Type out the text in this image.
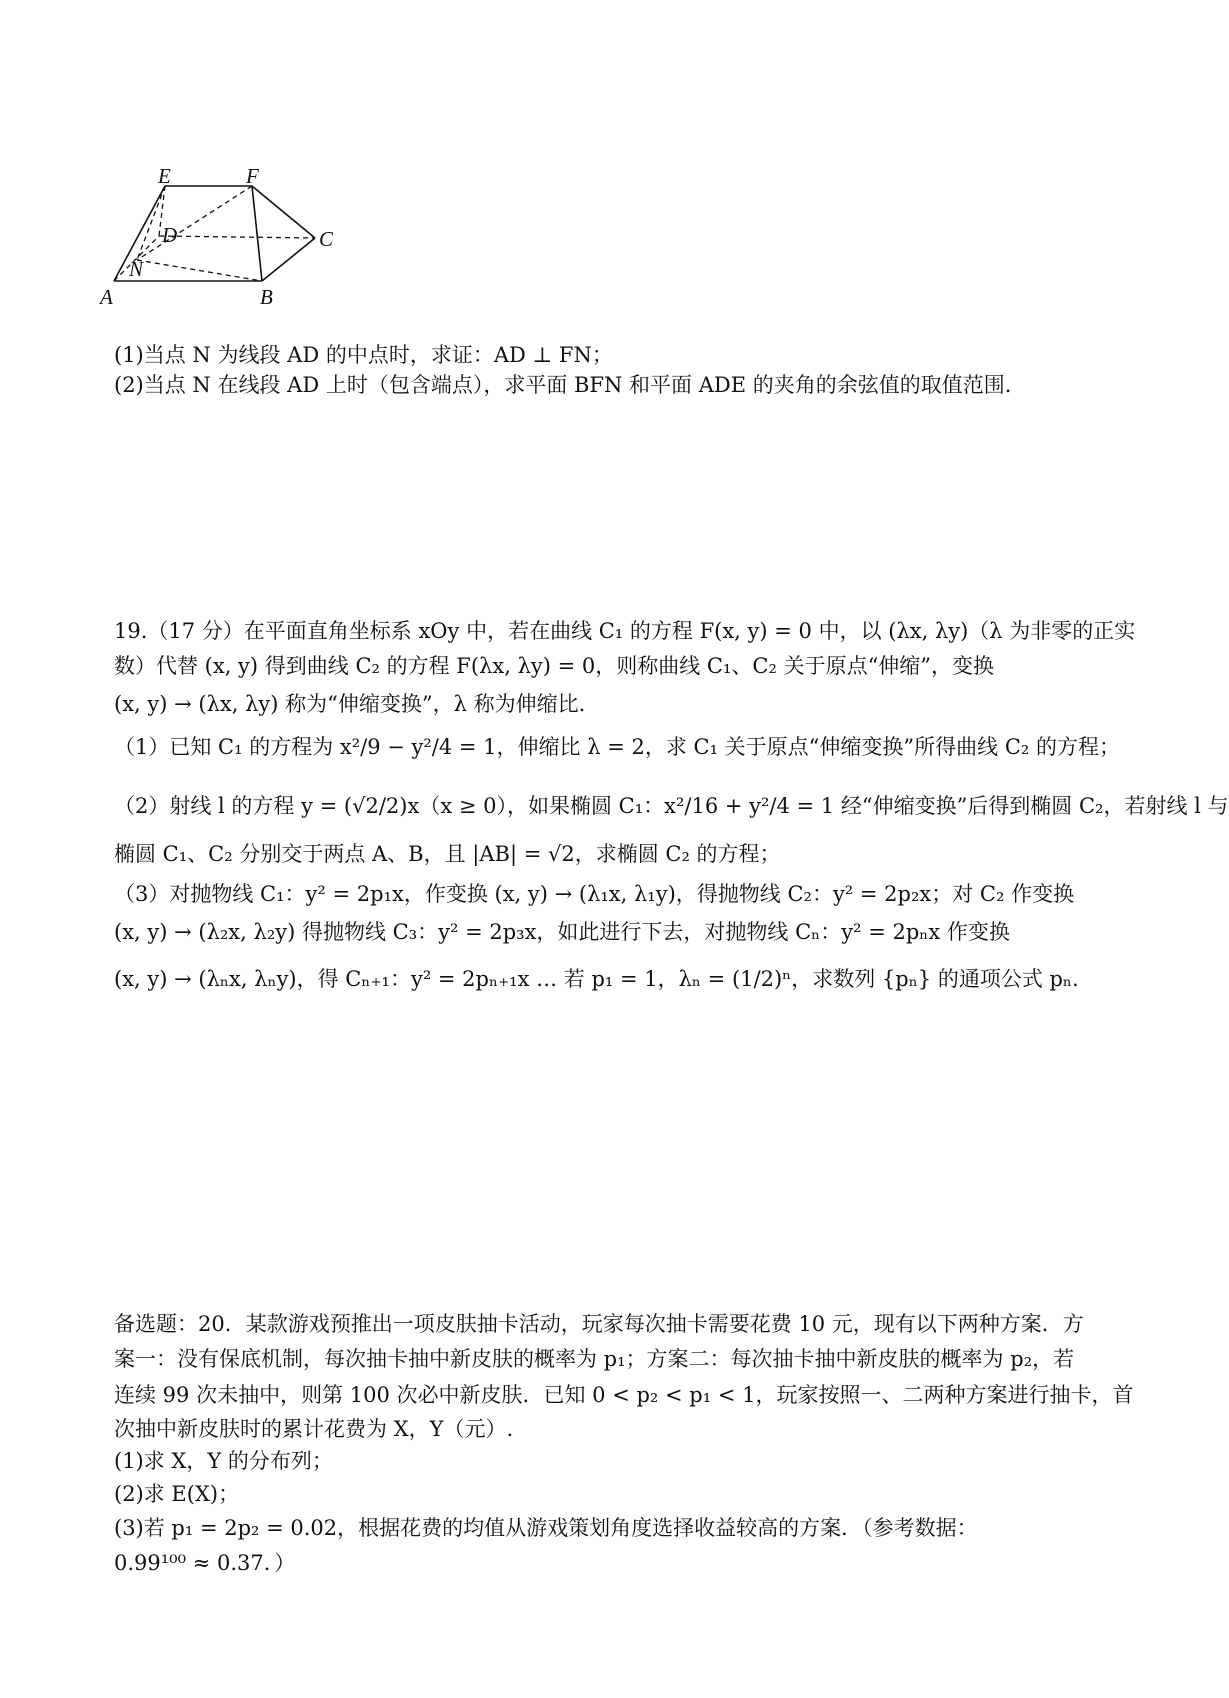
E	F
D	C
N
A	B
(1)当点 N 为线段 AD 的中点时，求证：AD ⊥ FN；
(2)当点 N 在线段 AD 上时（包含端点），求平面 BFN 和平面 ADE 的夹角的余弦值的取值范围.
19.（17 分）在平面直角坐标系 xOy 中，若在曲线 C₁ 的方程 F(x, y) = 0 中，以 (λx, λy)（λ 为非零的正实
数）代替 (x, y) 得到曲线 C₂ 的方程 F(λx, λy) = 0，则称曲线 C₁、C₂ 关于原点“伸缩”，变换
(x, y) → (λx, λy) 称为“伸缩变换”，λ 称为伸缩比.
（1）已知 C₁ 的方程为 x²/9 − y²/4 = 1，伸缩比 λ = 2，求 C₁ 关于原点“伸缩变换”所得曲线 C₂ 的方程；
（2）射线 l 的方程 y = (√2/2)x（x ≥ 0），如果椭圆 C₁：x²/16 + y²/4 = 1 经“伸缩变换”后得到椭圆 C₂，若射线 l 与
椭圆 C₁、C₂ 分别交于两点 A、B，且 |AB| = √2，求椭圆 C₂ 的方程；
（3）对抛物线 C₁：y² = 2p₁x，作变换 (x, y) → (λ₁x, λ₁y)，得抛物线 C₂：y² = 2p₂x；对 C₂ 作变换
(x, y) → (λ₂x, λ₂y) 得抛物线 C₃：y² = 2p₃x，如此进行下去，对抛物线 Cₙ：y² = 2pₙx 作变换
(x, y) → (λₙx, λₙy)，得 Cₙ₊₁：y² = 2pₙ₊₁x … 若 p₁ = 1，λₙ = (1/2)ⁿ，求数列 {pₙ} 的通项公式 pₙ.
备选题：20．某款游戏预推出一项皮肤抽卡活动，玩家每次抽卡需要花费 10 元，现有以下两种方案．方
案一：没有保底机制，每次抽卡抽中新皮肤的概率为 p₁；方案二：每次抽卡抽中新皮肤的概率为 p₂，若
连续 99 次未抽中，则第 100 次必中新皮肤．已知 0 < p₂ < p₁ < 1，玩家按照一、二两种方案进行抽卡，首
次抽中新皮肤时的累计花费为 X，Y（元）.
(1)求 X，Y 的分布列；
(2)求 E(X)；
(3)若 p₁ = 2p₂ = 0.02，根据花费的均值从游戏策划角度选择收益较高的方案．（参考数据：
0.99¹⁰⁰ ≈ 0.37．）
